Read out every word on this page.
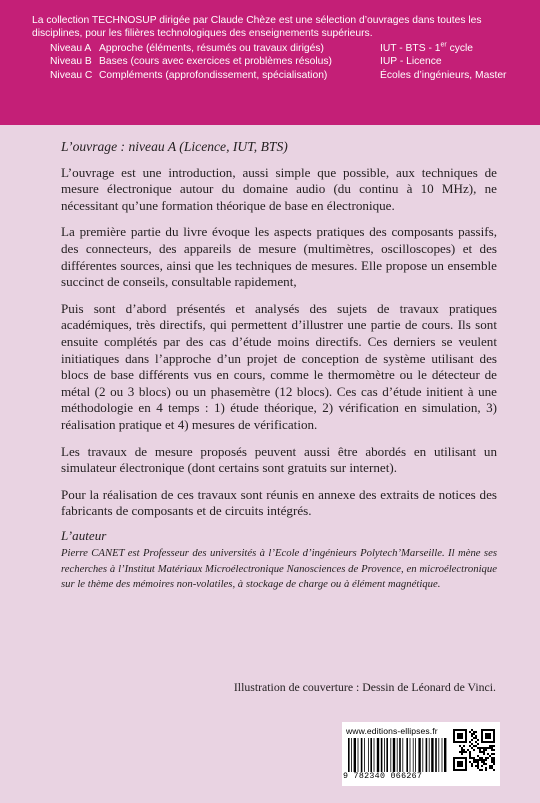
La collection TECHNOSUP dirigée par Claude Chèze est une sélection d’ouvrages dans toutes les disciplines, pour les filières technologiques des enseignements supérieurs.
Niveau A Approche (éléments, résumés ou travaux dirigés)	IUT - BTS - 1er cycle
Niveau B Bases (cours avec exercices et problèmes résolus)	IUP - Licence
Niveau C Compléments (approfondissement, spécialisation)	Écoles d’ingénieurs, Master
L’ouvrage : niveau A (Licence, IUT, BTS)

L’ouvrage est une introduction, aussi simple que possible, aux techniques de mesure électronique autour du domaine audio (du continu à 10 MHz), ne nécessitant qu’une formation théorique de base en électronique.

La première partie du livre évoque les aspects pratiques des composants passifs, des connecteurs, des appareils de mesure (multimètres, oscilloscopes) et des différentes sources, ainsi que les techniques de mesures. Elle propose un ensemble succinct de conseils, consultable rapidement,

Puis sont d’abord présentés et analysés des sujets de travaux pratiques académiques, très directifs, qui permettent d’illustrer une partie de cours. Ils sont ensuite complétés par des cas d’étude moins directifs. Ces derniers se veulent initiatiques dans l’approche d’un projet de conception de système utilisant des blocs de base différents vus en cours, comme le thermomètre ou le détecteur de métal (2 ou 3 blocs) ou un phasemètre (12 blocs). Ces cas d’étude initient à une méthodologie en 4 temps : 1) étude théorique, 2) vérification en simulation, 3) réalisation pratique et 4) mesures de vérification.

Les travaux de mesure proposés peuvent aussi être abordés en utilisant un simulateur électronique (dont certains sont gratuits sur internet).

Pour la réalisation de ces travaux sont réunis en annexe des extraits de notices des fabricants de composants et de circuits intégrés.

L’auteur
Pierre CANET est Professeur des universités à l’Ecole d’ingénieurs Polytech’Marseille. Il mène ses recherches à l’Institut Matériaux Microélectronique Nanosciences de Provence, en microélectronique sur le thème des mémoires non-volatiles, à stockage de charge ou à élément magnétique.
Illustration de couverture : Dessin de Léonard de Vinci.
www.editions-ellipses.fr
9 782340 066267
